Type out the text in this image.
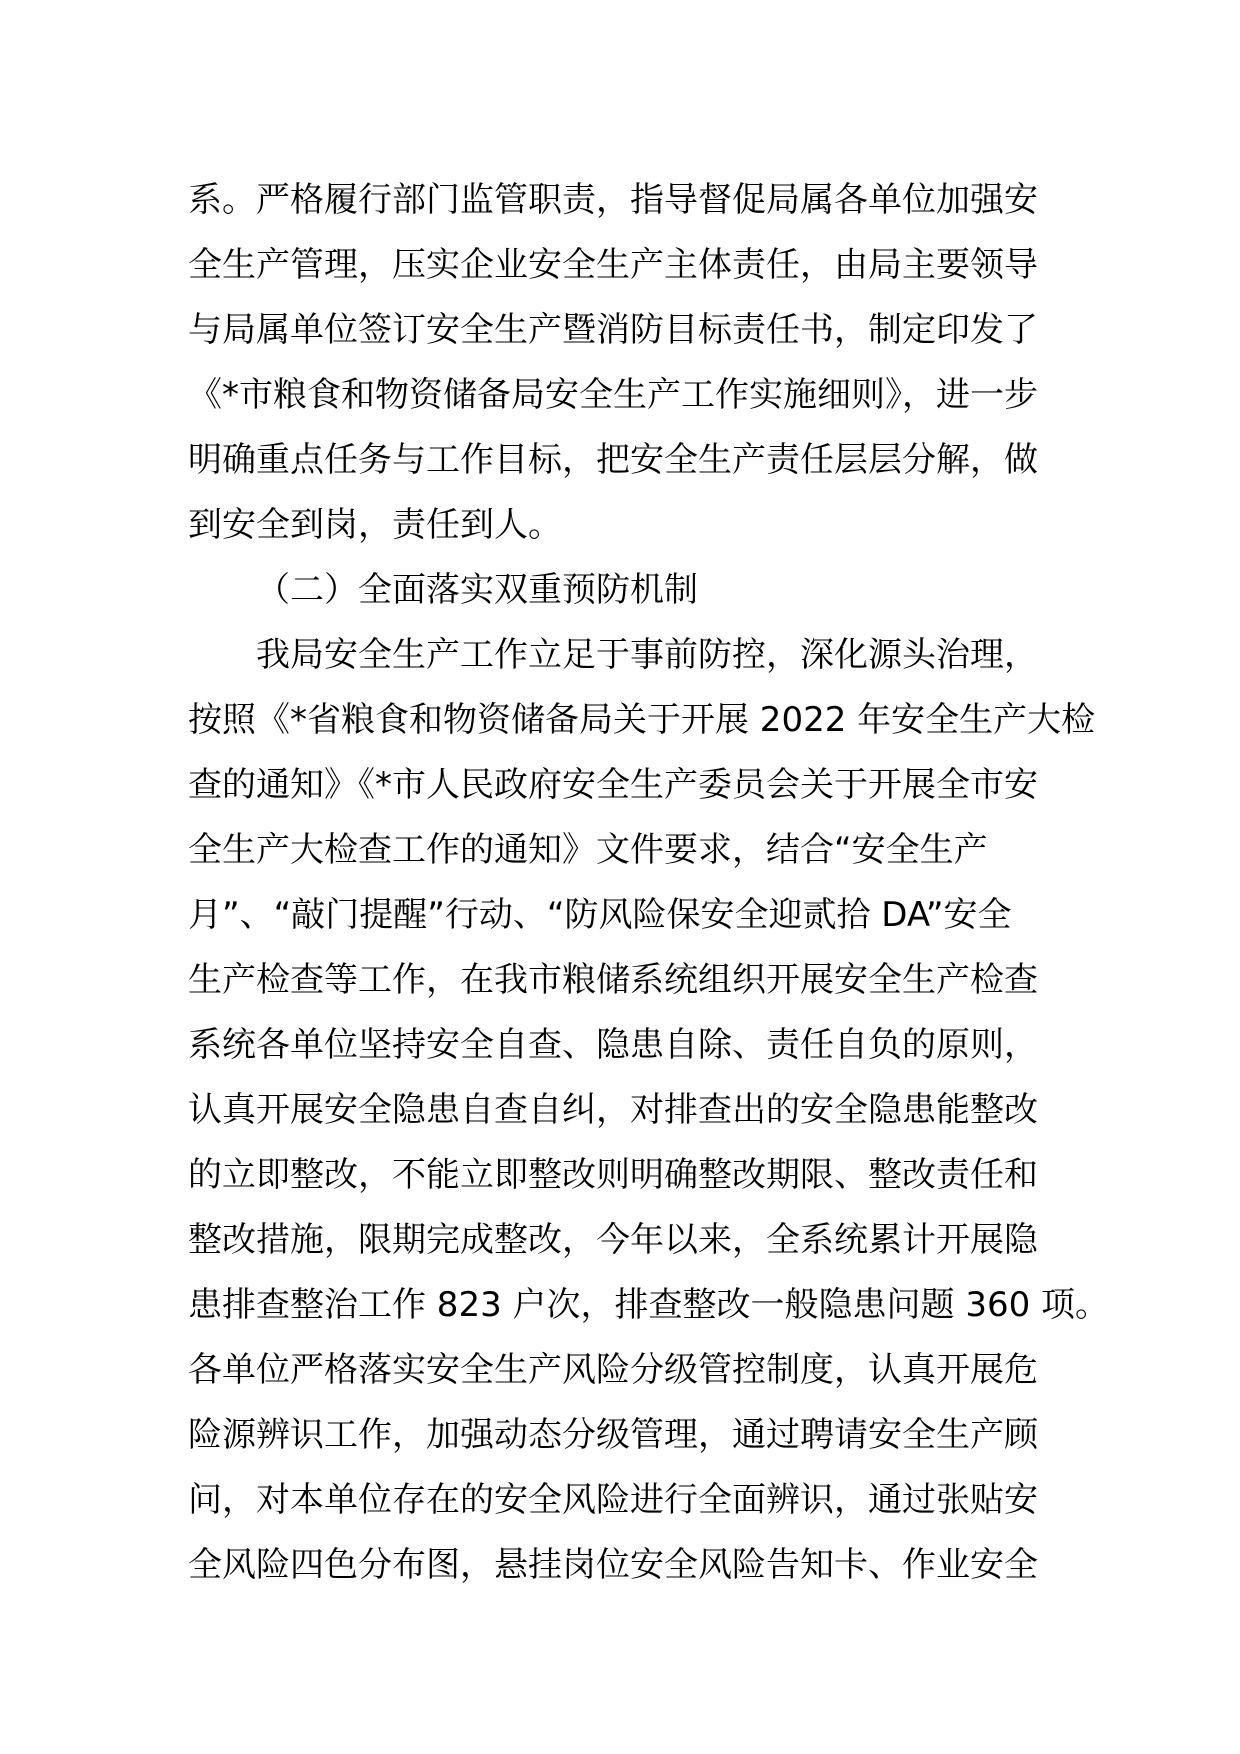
系。严格履行部门监管职责，指导督促局属各单位加强安
全生产管理，压实企业安全生产主体责任，由局主要领导
与局属单位签订安全生产暨消防目标责任书，制定印发了
《*市粮食和物资储备局安全生产工作实施细则》，进一步
明确重点任务与工作目标，把安全生产责任层层分解，做
到安全到岗，责任到人。
（二）全面落实双重预防机制
我局安全生产工作立足于事前防控，深化源头治理，
按照《*省粮食和物资储备局关于开展 2022 年安全生产大检
查的通知》《*市人民政府安全生产委员会关于开展全市安
全生产大检查工作的通知》文件要求，结合“安全生产
月”、“敲门提醒”行动、“防风险保安全迎贰拾 DA”安全
生产检查等工作，在我市粮储系统组织开展安全生产检查
系统各单位坚持安全自查、隐患自除、责任自负的原则，
认真开展安全隐患自查自纠，对排查出的安全隐患能整改
的立即整改，不能立即整改则明确整改期限、整改责任和
整改措施，限期完成整改，今年以来，全系统累计开展隐
患排查整治工作 823 户次，排查整改一般隐患问题 360 项。
各单位严格落实安全生产风险分级管控制度，认真开展危
险源辨识工作，加强动态分级管理，通过聘请安全生产顾
问，对本单位存在的安全风险进行全面辨识，通过张贴安
全风险四色分布图，悬挂岗位安全风险告知卡、作业安全
